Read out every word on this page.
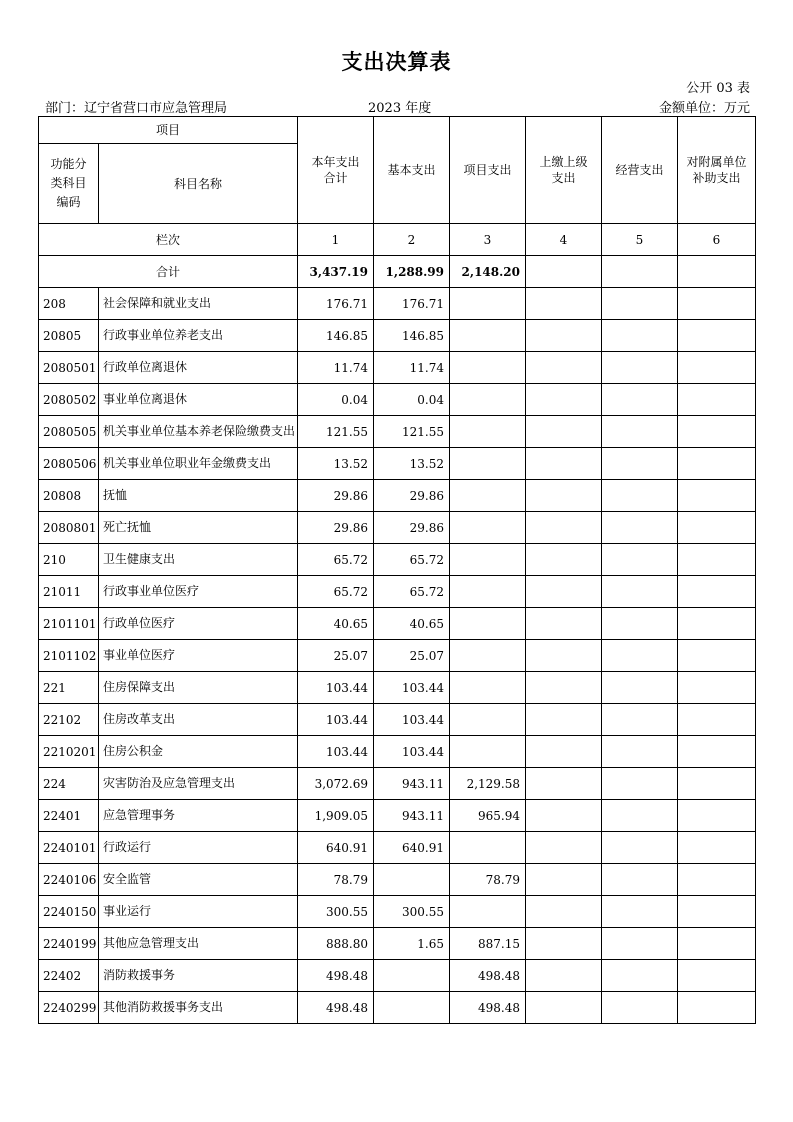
支出决算表
公开 03 表
部门：辽宁省营口市应急管理局	2023 年度	金额单位：万元
项目		本年支出合计	基本支出	项目支出	上缴上级支出	经营支出	对附属单位补助支出
功能分类科目编码	科目名称						
栏次		1	2	3	4	5	6
合计		3,437.19	1,288.99	2,148.20			
208	社会保障和就业支出	176.71	176.71				
20805	行政事业单位养老支出	146.85	146.85				
2080501	行政单位离退休	11.74	11.74				
2080502	事业单位离退休	0.04	0.04				
2080505	机关事业单位基本养老保险缴费支出	121.55	121.55				
2080506	机关事业单位职业年金缴费支出	13.52	13.52				
20808	抚恤	29.86	29.86				
2080801	死亡抚恤	29.86	29.86				
210	卫生健康支出	65.72	65.72				
21011	行政事业单位医疗	65.72	65.72				
2101101	行政单位医疗	40.65	40.65				
2101102	事业单位医疗	25.07	25.07				
221	住房保障支出	103.44	103.44				
22102	住房改革支出	103.44	103.44				
2210201	住房公积金	103.44	103.44				
224	灾害防治及应急管理支出	3,072.69	943.11	2,129.58			
22401	应急管理事务	1,909.05	943.11	965.94			
2240101	行政运行	640.91	640.91				
2240106	安全监管	78.79		78.79			
2240150	事业运行	300.55	300.55				
2240199	其他应急管理支出	888.80	1.65	887.15			
22402	消防救援事务	498.48		498.48			
2240299	其他消防救援事务支出	498.48		498.48			
